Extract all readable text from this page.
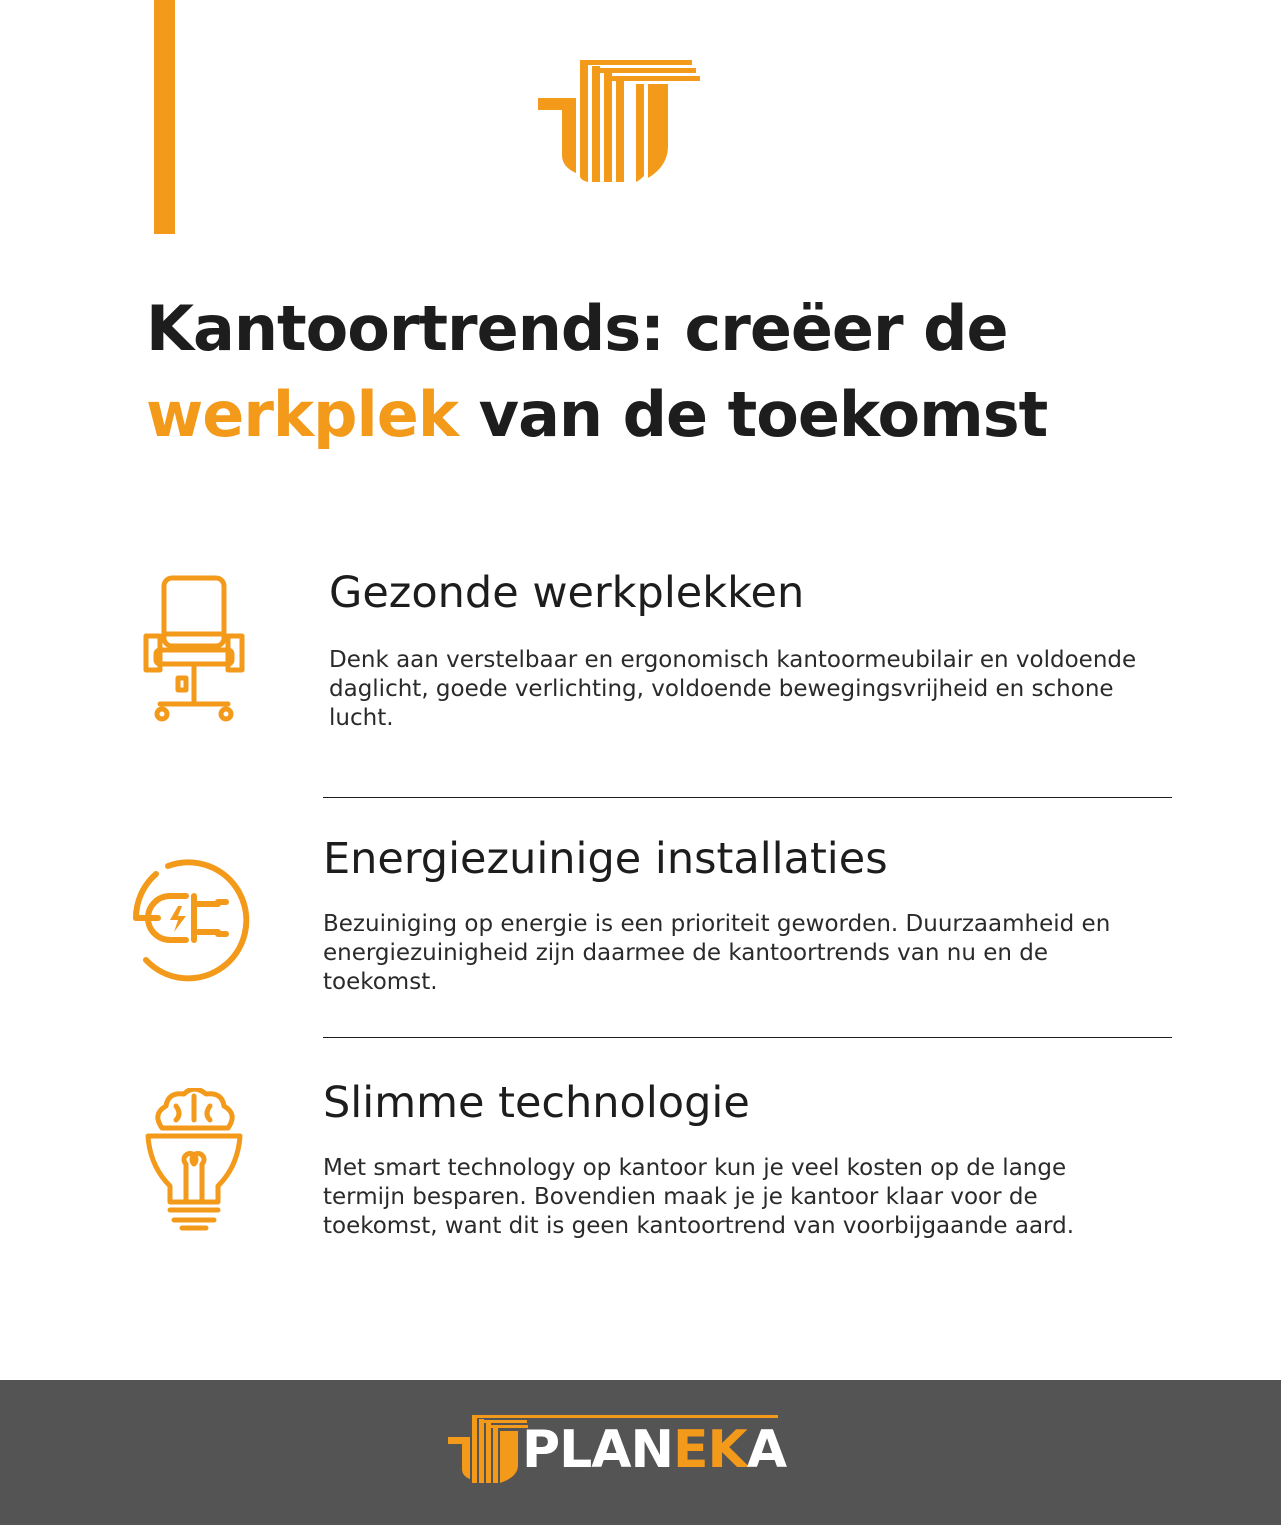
Kantoortrends: creëer de
werkplek van de toekomst
Gezonde werkplekken

Denk aan verstelbaar en ergonomisch kantoormeubilair en voldoende daglicht, goede verlichting, voldoende bewegingsvrijheid en schone lucht.

Energiezuinige installaties

Bezuiniging op energie is een prioriteit geworden. Duurzaamheid en energiezuinigheid zijn daarmee de kantoortrends van nu en de toekomst.

Slimme technologie

Met smart technology op kantoor kun je veel kosten op de lange termijn besparen. Bovendien maak je je kantoor klaar voor de toekomst, want dit is geen kantoortrend van voorbijgaande aard.

PLANEKA
